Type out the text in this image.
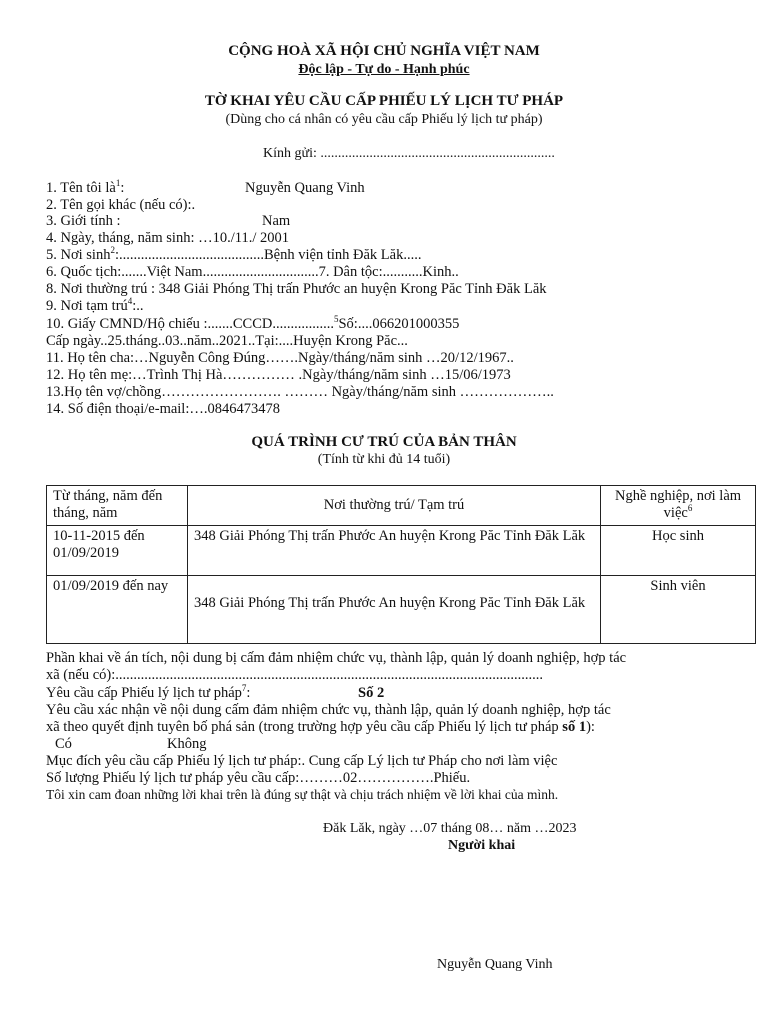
CỘNG HOÀ XÃ HỘI CHỦ NGHĨA VIỆT NAM
Độc lập - Tự do - Hạnh phúc
TỜ KHAI YÊU CẦU CẤP PHIẾU LÝ LỊCH TƯ PHÁP
(Dùng cho cá nhân có yêu cầu cấp Phiếu lý lịch tư pháp)
Kính gửi: ...................................................................
1. Tên tôi $là^1$:	Nguyễn Quang Vinh
2. Tên gọi khác (nếu có):.
3. Giới tính :	Nam
4. Ngày, tháng, năm sinh: …10./11./ 2001
5. Nơi $\sinh^2:........................................Bệnh$ viện tỉnh Đăk Lăk.....
6. Quốc tịch:.......Việt Nam................................7. Dân tộc:...........Kinh..
8. Nơi thường trú : 348 Giải Phóng Thị trấn Phước an huyện Krong Păc Tỉnh Đăk Lăk
9. Nơi tạm trú$^4$:..
10. Giấy CMND/Hộ chiếu :.......CCCD.................$^5$Số:....066201000355
Cấp ngày..25.tháng..03..năm..2021..Tại:....Huyện Krong Păc...
11. Họ tên cha:…Nguyễn Công Đúng…….Ngày/tháng/năm sinh …20/12/1967..
12. Họ tên mẹ:…Trình Thị Hà…………… .Ngày/tháng/năm sinh …15/06/1973
13.Họ tên vợ/chồng……………………. ……… Ngày/tháng/năm sinh ………………..
14. Số điện thoại/e-mail:….0846473478
QUÁ TRÌNH CƯ TRÚ CỦA BẢN THÂN
(Tính từ khi đủ 14 tuổi)
Từ tháng, năm đến tháng, năm	Nơi thường trú/ Tạm trú	Nghề nghiệp, nơi làm việc$^6$
10-11-2015 đến 01/09/2019	348 Giải Phóng Thị trấn Phước An huyện Krong Păc Tỉnh Đăk Lăk	Học sinh
01/09/2019 đến nay	348 Giải Phóng Thị trấn Phước An huyện Krong Păc Tỉnh Đăk Lăk	Sinh viên
Phần khai về án tích, nội dung bị cấm đảm nhiệm chức vụ, thành lập, quản lý doanh nghiệp, hợp tác
xã (nếu có):......................................................................................................................
Yêu cầu cấp Phiếu lý lịch tư pháp$^7$:	Số 2
Yêu cầu xác nhận về nội dung cấm đảm nhiệm chức vụ, thành lập, quản lý doanh nghiệp, hợp tác
xã theo quyết định tuyên bố phá sản (trong trường hợp yêu cầu cấp Phiếu lý lịch tư pháp số 1):
Có	Không
Mục đích yêu cầu cấp Phiếu lý lịch tư pháp:. Cung cấp Lý lịch tư Pháp cho nơi làm việc
Số lượng Phiếu lý lịch tư pháp yêu cầu cấp:………02…………….Phiếu.
Tôi xin cam đoan những lời khai trên là đúng sự thật và chịu trách nhiệm về lời khai của mình.
Đăk Lăk, ngày …07 tháng 08… năm …2023
Người khai
Nguyễn Quang Vinh
